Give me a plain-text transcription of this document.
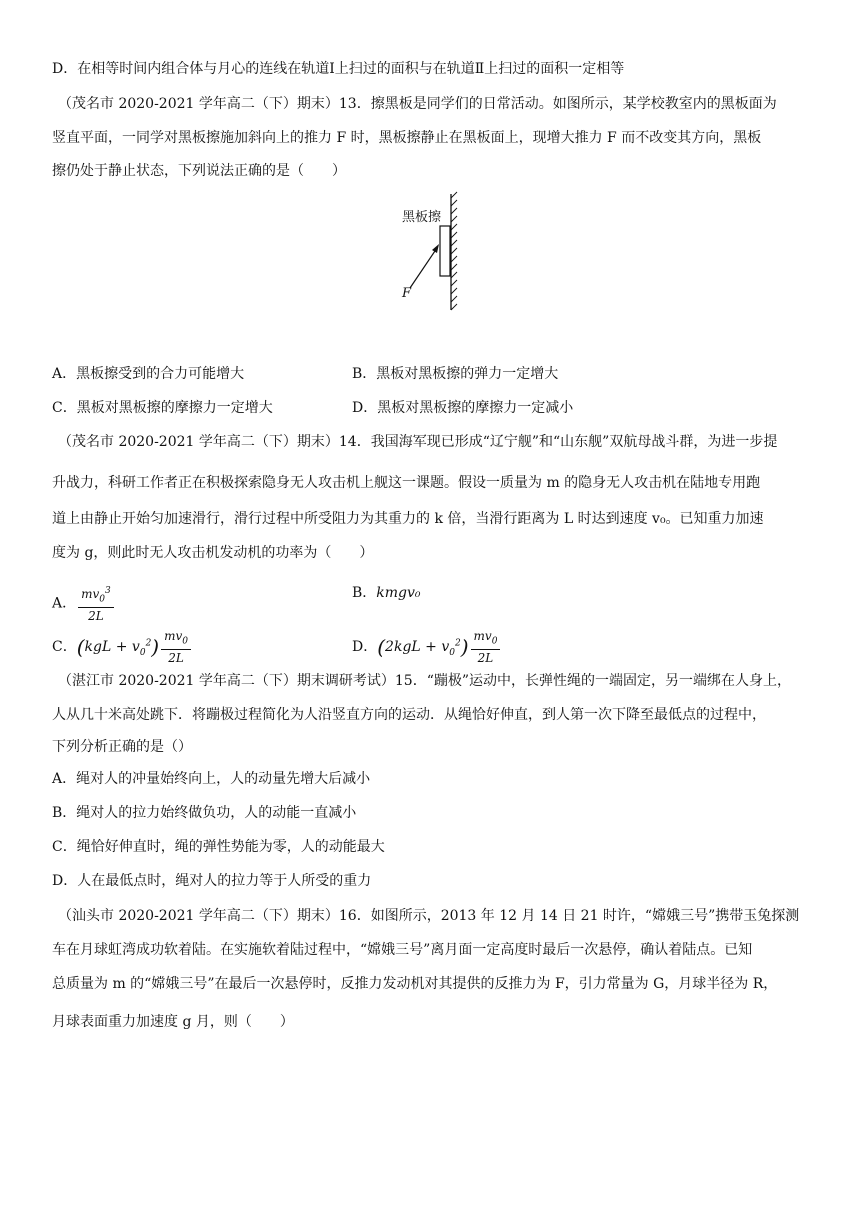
D．在相等时间内组合体与月心的连线在轨道Ⅰ上扫过的面积与在轨道Ⅱ上扫过的面积一定相等
（茂名市 2020-2021 学年高二（下）期末）13．擦黑板是同学们的日常活动。如图所示，某学校教室内的黑板面为
竖直平面，一同学对黑板擦施加斜向上的推力 F 时，黑板擦静止在黑板面上，现增大推力 F 而不改变其方向，黑板
擦仍处于静止状态，下列说法正确的是（　　）
黑板擦
F
A．黑板擦受到的合力可能增大	B．黑板对黑板擦的弹力一定增大
C．黑板对黑板擦的摩擦力一定增大	D．黑板对黑板擦的摩擦力一定减小
（茂名市 2020-2021 学年高二（下）期末）14．我国海军现已形成“辽宁舰”和“山东舰”双航母战斗群，为进一步提
升战力，科研工作者正在积极探索隐身无人攻击机上舰这一课题。假设一质量为 m 的隐身无人攻击机在陆地专用跑
道上由静止开始匀加速滑行，滑行过程中所受阻力为其重力的 k 倍，当滑行距离为 L 时达到速度 v₀。已知重力加速
度为 g，则此时无人攻击机发动机的功率为（　　）
A． $\frac{mv_0^3}{2L}$	B．kmgv₀
C．$(kgL + v_0^2) \frac{mv_0}{2L}$	D．$(2kgL + v_0^2) \frac{mv_0}{2L}$
（湛江市 2020-2021 学年高二（下）期末调研考试）15．“蹦极”运动中，长弹性绳的一端固定，另一端绑在人身上，
人从几十米高处跳下．将蹦极过程简化为人沿竖直方向的运动．从绳恰好伸直，到人第一次下降至最低点的过程中，
下列分析正确的是（）
A．绳对人的冲量始终向上，人的动量先增大后减小
B．绳对人的拉力始终做负功，人的动能一直减小
C．绳恰好伸直时，绳的弹性势能为零，人的动能最大
D．人在最低点时，绳对人的拉力等于人所受的重力
（汕头市 2020-2021 学年高二（下）期末）16．如图所示，2013 年 12 月 14 日 21 时许，“嫦娥三号”携带玉兔探测
车在月球虹湾成功软着陆。在实施软着陆过程中，“嫦娥三号”离月面一定高度时最后一次悬停，确认着陆点。已知
总质量为 m 的“嫦娥三号”在最后一次悬停时，反推力发动机对其提供的反推力为 F，引力常量为 G，月球半径为 R，
月球表面重力加速度 g 月，则（　　）
